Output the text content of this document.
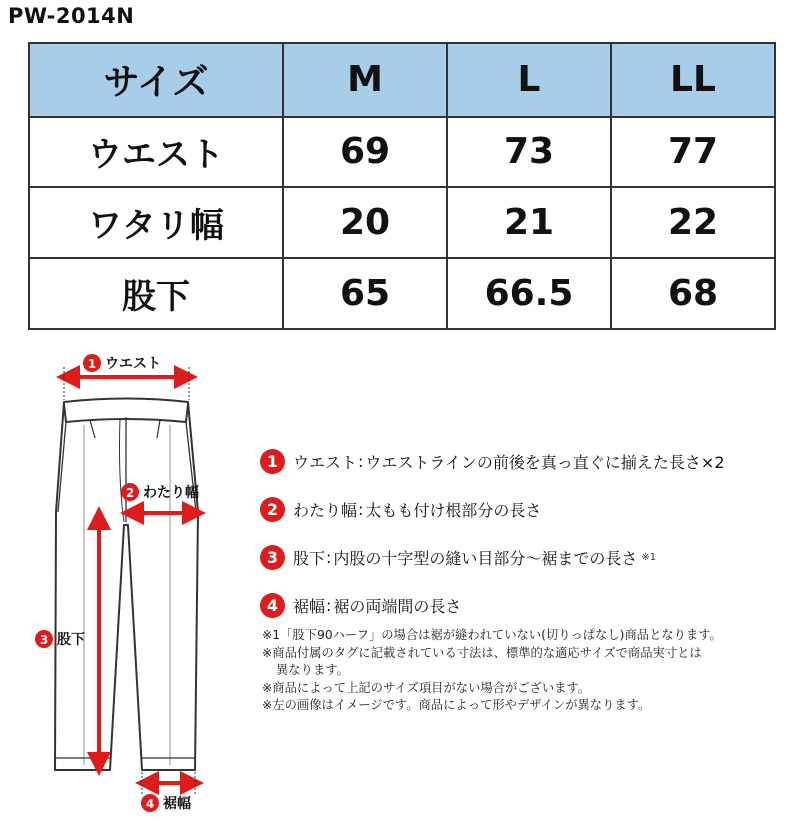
PW-2014N
サイズ	M	L	LL
ウエスト	69	73	77
ワタリ幅	20	21	22
股下	65	66.5	68
1 ウエスト
2 わたり幅
3 股下
4 裾幅
1 ウエスト : ウエストラインの前後を真っ直ぐに揃えた長さ×2
2 わたり幅 : 太もも付け根部分の長さ
3 股下 : 内股の十字型の縫い目部分〜裾までの長さ ※1
4 裾幅 : 裾の両端間の長さ
※1「股下90ハーフ」の場合は裾が縫われていない(切りっぱなし)商品となります。
※商品付属のタグに記載されている寸法は、標準的な適応サイズで商品実寸とは
異なります。
※商品によって上記のサイズ項目がない場合がございます。
※左の画像はイメージです。商品によって形やデザインが異なります。
